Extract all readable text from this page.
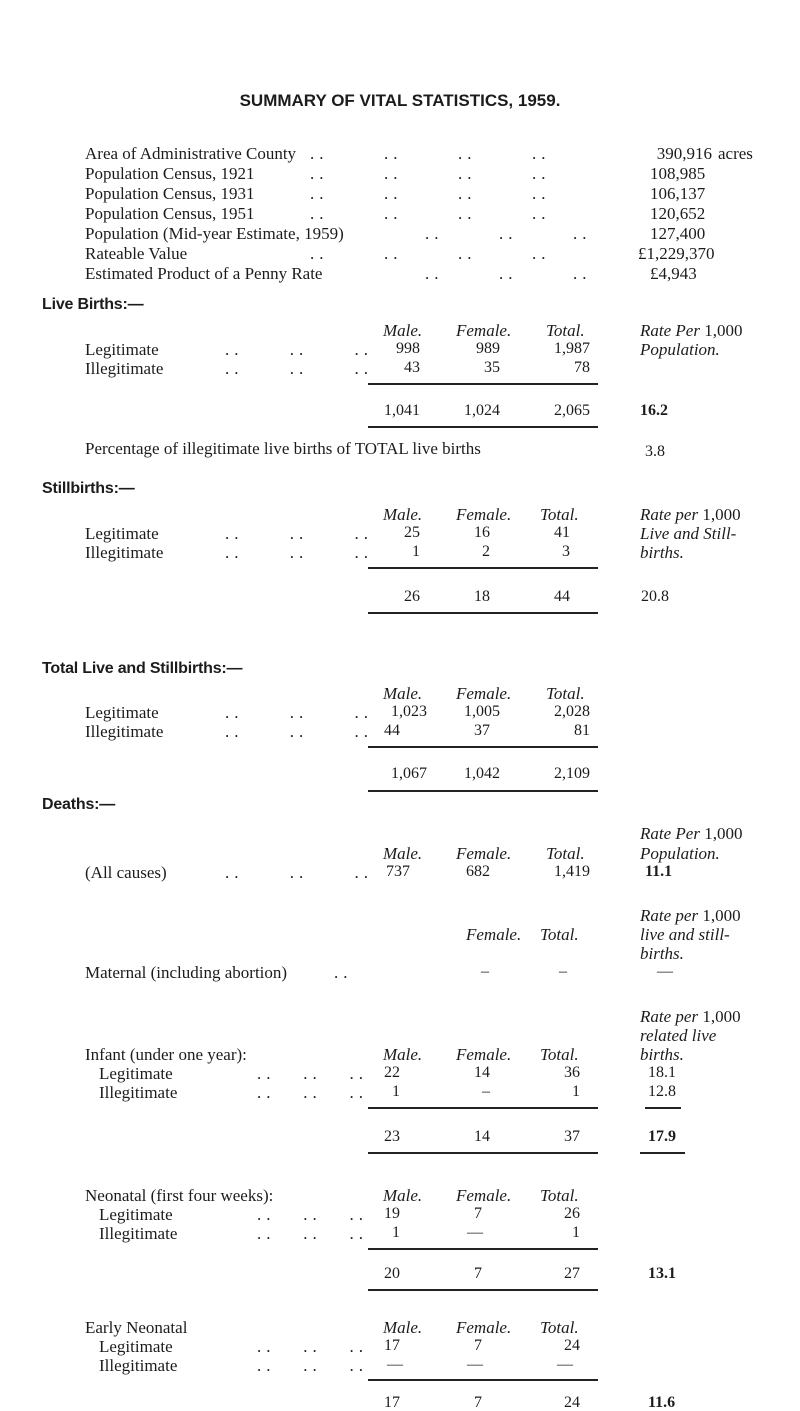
SUMMARY OF VITAL STATISTICS, 1959.
Area of Administrative County ..      ..      ..      ..	390,916 acres
Population Census, 1921	..      ..      ..      ..	108,985
Population Census, 1931	..      ..      ..      ..	106,137
Population Census, 1951	..      ..      ..      ..	120,652
Population (Mid-year Estimate, 1959)	..      ..      ..	127,400
Rateable Value	..      ..      ..      ..	£1,229,370
Estimated Product of a Penny Rate	..      ..      ..	£4,943
Live Births:—
Male. Female. Total.	Rate Per 1,000
Population.
Legitimate	..     ..     ..	998	989	1,987
Illegitimate	..     ..     ..	43	35	78
1,041	1,024	2,065	16.2
Percentage of illegitimate live births of TOTAL live births	3.8
Stillbirths:—
Male. Female. Total.	Rate per 1,000
Live and Still-
births.
Legitimate	..     ..     ..	25	16	41
Illegitimate	..     ..     ..	1	2	3
26	18	44	20.8
Total Live and Stillbirths:—
Male. Female. Total.
Legitimate	..     ..     ..	1,023	1,005	2,028
Illegitimate	..     ..     .. 44	37	81
1,067	1,042	2,109
Deaths:—
Rate Per 1,000
Male. Female. Total.	Population.
(All causes)	..     ..     .. 737	682	1,419	11.1
Rate per 1,000
Female. Total.	live and still-
births.
Maternal (including abortion)	..	–	–	—
Rate per 1,000
related live
Infant (under one year):	Male. Female. Total.	births.
Legitimate	..   ..   ..	22	14	36	18.1
Illegitimate	..   ..   ..	1	–	1	12.8
23	14	37	17.9
Neonatal (first four weeks):	Male. Female. Total.
Legitimate	..   ..   ..	19	7	26
Illegitimate	..   ..   ..	1	—	1
20	7	27	13.1
Early Neonatal	Male. Female. Total.
Legitimate	..   ..   ..	17	7	24
Illegitimate	..   ..   ..	—	—	—
17	7	24	11.6
